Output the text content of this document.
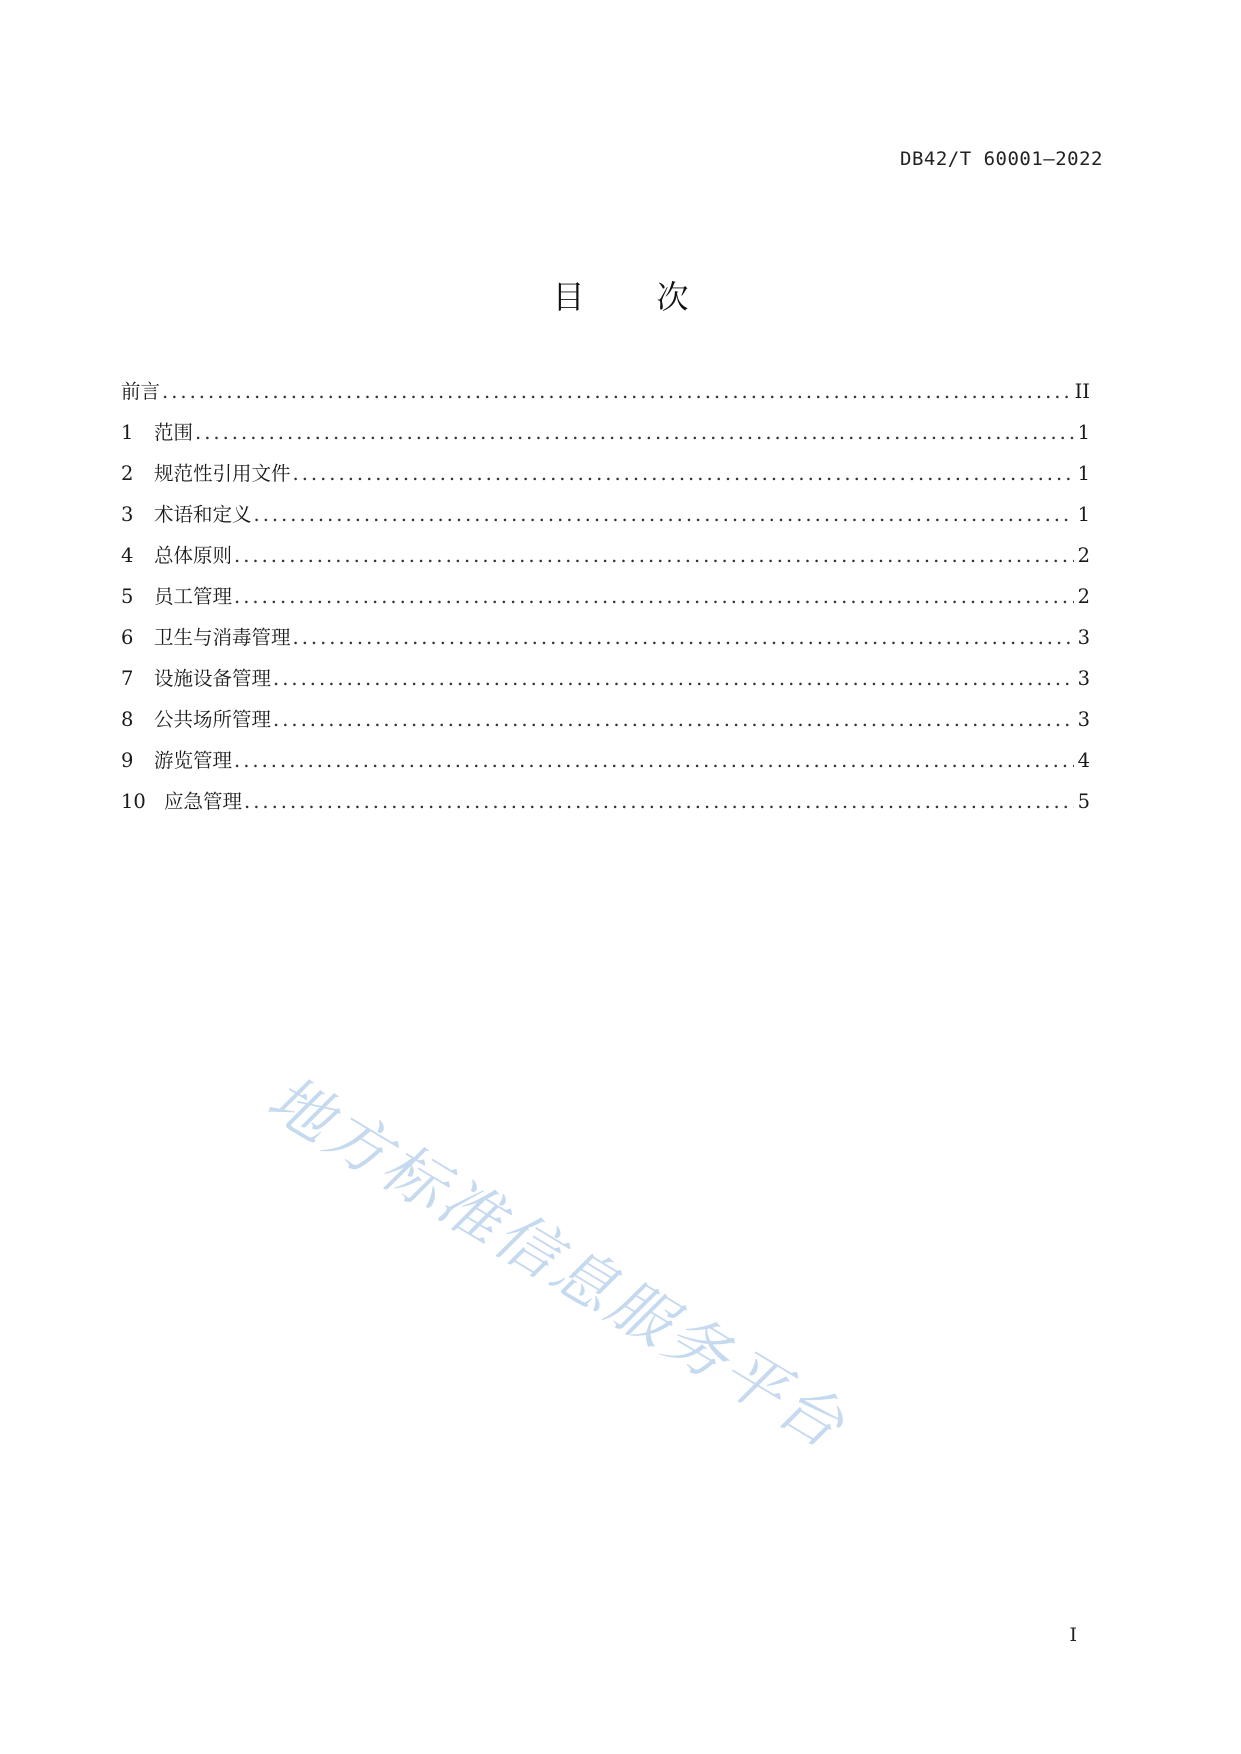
DB42/T 60001—2022
目次
前言 .....	II
1	范围 .....	1
2	规范性引用文件 .....	1
3	术语和定义 .....	1
4	总体原则 .....	2
5	员工管理 .....	2
6	卫生与消毒管理 .....	3
7	设施设备管理 .....	3
8	公共场所管理 .....	3
9	游览管理 .....	4
10 应急管理 .....	5
地方标准信息服务平台
I
